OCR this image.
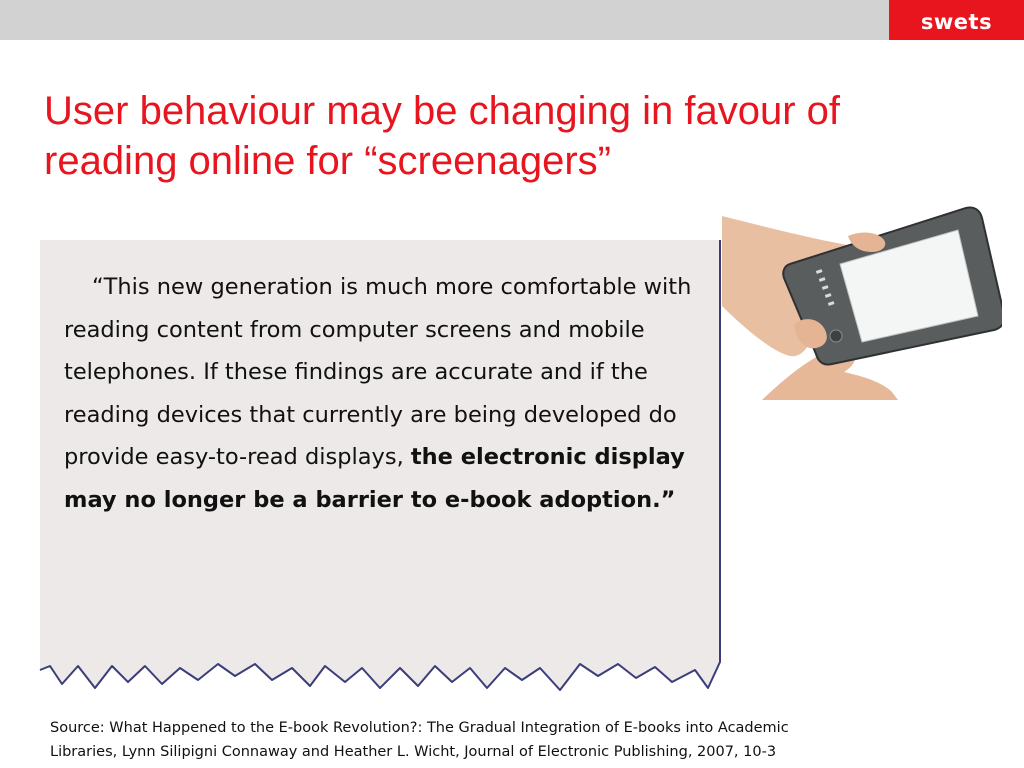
swets
User behaviour may be changing in favour of
reading online for “screenagers”

“This new generation is much more comfortable with reading content from computer screens and mobile telephones. If these findings are accurate and if the reading devices that currently are being developed do provide easy-to-read displays, the electronic display may no longer be a barrier to e-book adoption.”

Source: What Happened to the E-book Revolution?: The Gradual Integration of E-books into Academic
Libraries, Lynn Silipigni Connaway and Heather L. Wicht, Journal of Electronic Publishing, 2007, 10-3
